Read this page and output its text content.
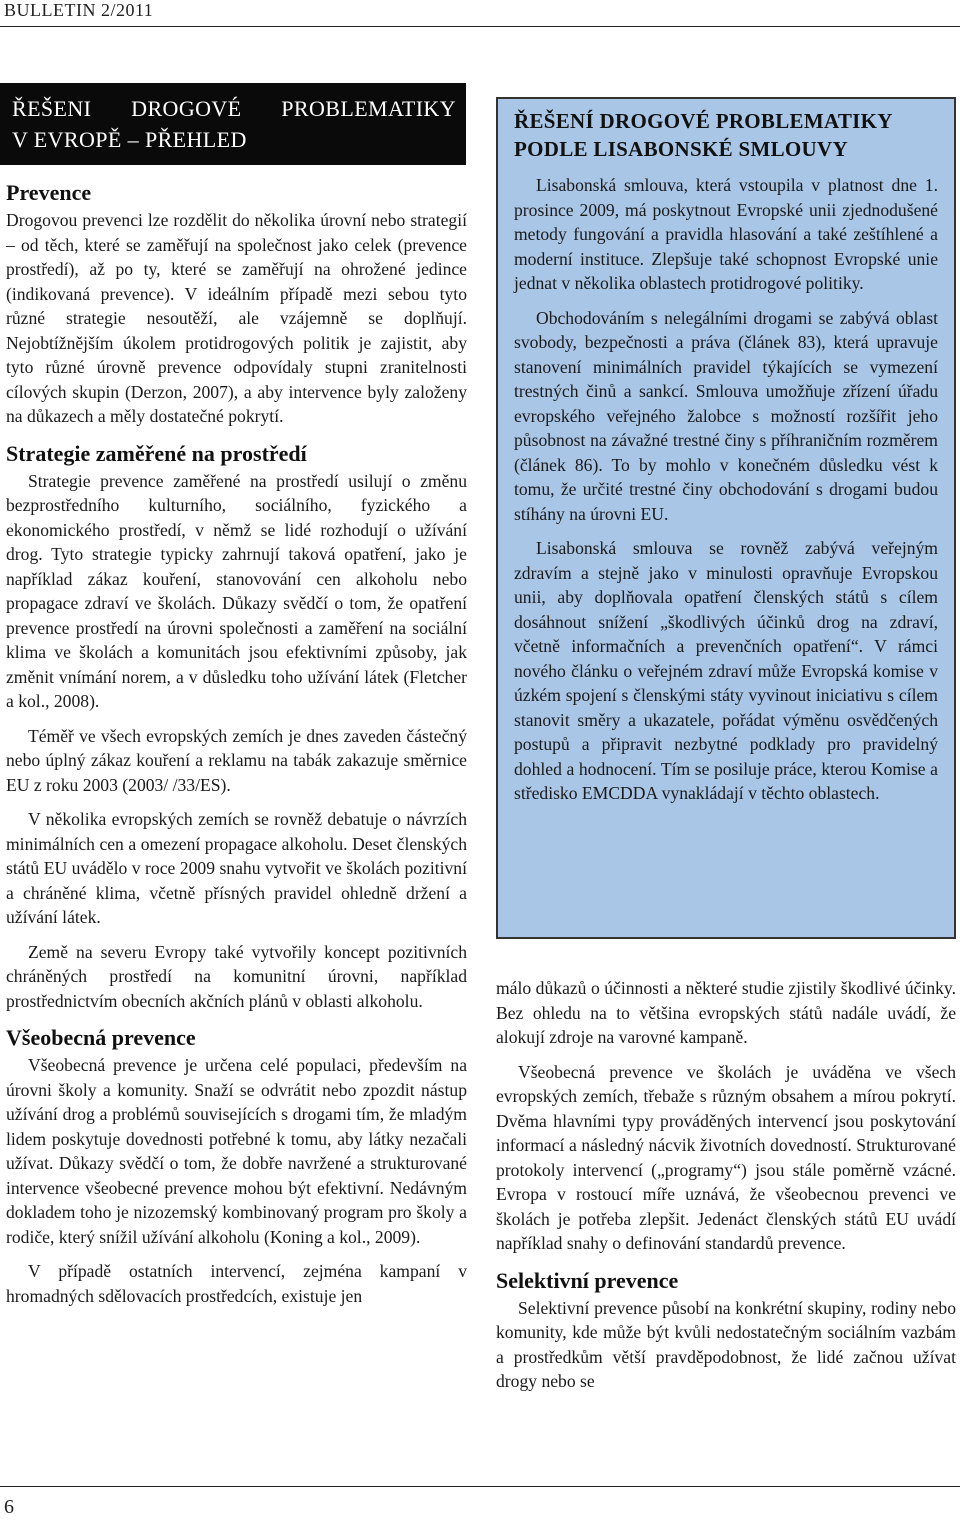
BULLETIN 2/2011
ŘEŠENI DROGOVÉ PROBLEMATIKY
V EVROPĚ – PŘEHLED
Prevence

Drogovou prevenci lze rozdělit do několika úrovní nebo strategií – od těch, které se zaměřují na společnost jako celek (prevence prostředí), až po ty, které se zaměřují na ohrožené jedince (indikovaná prevence). V ideálním případě mezi sebou tyto různé strategie nesoutěží, ale vzájemně se doplňují. Nejobtížnějším úkolem protidrogových politik je zajistit, aby tyto různé úrovně prevence odpovídaly stupni zranitelnosti cílových skupin (Derzon, 2007), a aby intervence byly založeny na důkazech a měly dostatečné pokrytí.

Strategie zaměřené na prostředí

Strategie prevence zaměřené na prostředí usilují o změnu bezprostředního kulturního, sociálního, fyzického a ekonomického prostředí, v němž se lidé rozhodují o užívání drog. Tyto strategie typicky zahrnují taková opatření, jako je například zákaz kouření, stanovování cen alkoholu nebo propagace zdraví ve školách. Důkazy svědčí o tom, že opatření prevence prostředí na úrovni společnosti a zaměření na sociální klima ve školách a komunitách jsou efektivními způsoby, jak změnit vnímání norem, a v důsledku toho užívání látek (Fletcher a kol., 2008).

Téměř ve všech evropských zemích je dnes zaveden částečný nebo úplný zákaz kouření a reklamu na tabák zakazuje směrnice EU z roku 2003 (2003/ /33/ES).

V několika evropských zemích se rovněž debatuje o návrzích minimálních cen a omezení propagace alkoholu. Deset členských států EU uvádělo v roce 2009 snahu vytvořit ve školách pozitivní a chráněné klima, včetně přísných pravidel ohledně držení a užívání látek.

Země na severu Evropy také vytvořily koncept pozitivních chráněných prostředí na komunitní úrovni, například prostřednictvím obecních akčních plánů v oblasti alkoholu.

Všeobecná prevence

Všeobecná prevence je určena celé populaci, především na úrovni školy a komunity. Snaží se odvrátit nebo zpozdit nástup užívání drog a problémů souvisejících s drogami tím, že mladým lidem poskytuje dovednosti potřebné k tomu, aby látky nezačali užívat. Důkazy svědčí o tom, že dobře navržené a strukturované intervence všeobecné prevence mohou být efektivní. Nedávným dokladem toho je nizozemský kombinovaný program pro školy a rodiče, který snížil užívání alkoholu (Koning a kol., 2009).

V případě ostatních intervencí, zejména kampaní v hromadných sdělovacích prostředcích, existuje jen

ŘEŠENÍ DROGOVÉ PROBLEMATIKY
PODLE LISABONSKÉ SMLOUVY

Lisabonská smlouva, která vstoupila v platnost dne 1. prosince 2009, má poskytnout Evropské unii zjednodušené metody fungování a pravidla hlasování a také zeštíhlené a moderní instituce. Zlepšuje také schopnost Evropské unie jednat v několika oblastech protidrogové politiky.

Obchodováním s nelegálními drogami se zabývá oblast svobody, bezpečnosti a práva (článek 83), která upravuje stanovení minimálních pravidel týkajících se vymezení trestných činů a sankcí. Smlouva umožňuje zřízení úřadu evropského veřejného žalobce s možností rozšířit jeho působnost na závažné trestné činy s příhraničním rozměrem (článek 86). To by mohlo v konečném důsledku vést k tomu, že určité trestné činy obchodování s drogami budou stíhány na úrovni EU.

Lisabonská smlouva se rovněž zabývá veřejným zdravím a stejně jako v minulosti opravňuje Evropskou unii, aby doplňovala opatření členských států s cílem dosáhnout snížení „škodlivých účinků drog na zdraví, včetně informačních a prevenčních opatření“. V rámci nového článku o veřejném zdraví může Evropská komise v úzkém spojení s členskými státy vyvinout iniciativu s cílem stanovit směry a ukazatele, pořádat výměnu osvědčených postupů a připravit nezbytné podklady pro pravidelný dohled a hodnocení. Tím se posiluje práce, kterou Komise a středisko EMCDDA vynakládají v těchto oblastech.

málo důkazů o účinnosti a některé studie zjistily škodlivé účinky. Bez ohledu na to většina evropských států nadále uvádí, že alokují zdroje na varovné kampaně.

Všeobecná prevence ve školách je uváděna ve všech evropských zemích, třebaže s různým obsahem a mírou pokrytí. Dvěma hlavními typy prováděných intervencí jsou poskytování informací a následný nácvik životních dovedností. Strukturované protokoly intervencí („programy“) jsou stále poměrně vzácné. Evropa v rostoucí míře uznává, že všeobecnou prevenci ve školách je potřeba zlepšit. Jedenáct členských států EU uvádí například snahy o definování standardů prevence.

Selektivní prevence

Selektivní prevence působí na konkrétní skupiny, rodiny nebo komunity, kde může být kvůli nedostatečným sociálním vazbám a prostředkům větší pravděpodobnost, že lidé začnou užívat drogy nebo se

6
